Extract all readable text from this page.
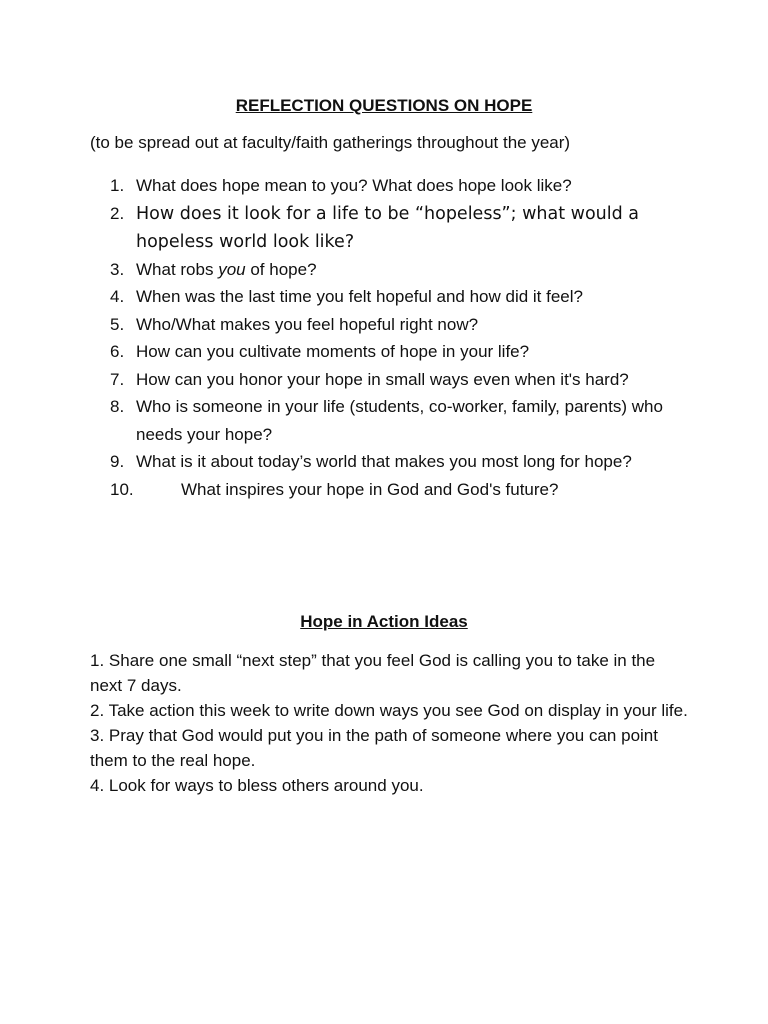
REFLECTION QUESTIONS ON HOPE
(to be spread out at faculty/faith gatherings throughout the year)
1. What does hope mean to you? What does hope look like?
2. How does it look for a life to be “hopeless”; what would a hopeless world look like?
3. What robs you of hope?
4. When was the last time you felt hopeful and how did it feel?
5. Who/What makes you feel hopeful right now?
6. How can you cultivate moments of hope in your life?
7. How can you honor your hope in small ways even when it's hard?
8. Who is someone in your life (students, co-worker, family, parents) who needs your hope?
9. What is it about today’s world that makes you most long for hope?
10.	What inspires your hope in God and God's future?
Hope in Action Ideas
1. Share one small “next step” that you feel God is calling you to take in the next 7 days.
2. Take action this week to write down ways you see God on display in your life.
3. Pray that God would put you in the path of someone where you can point them to the real hope.
4. Look for ways to bless others around you.
